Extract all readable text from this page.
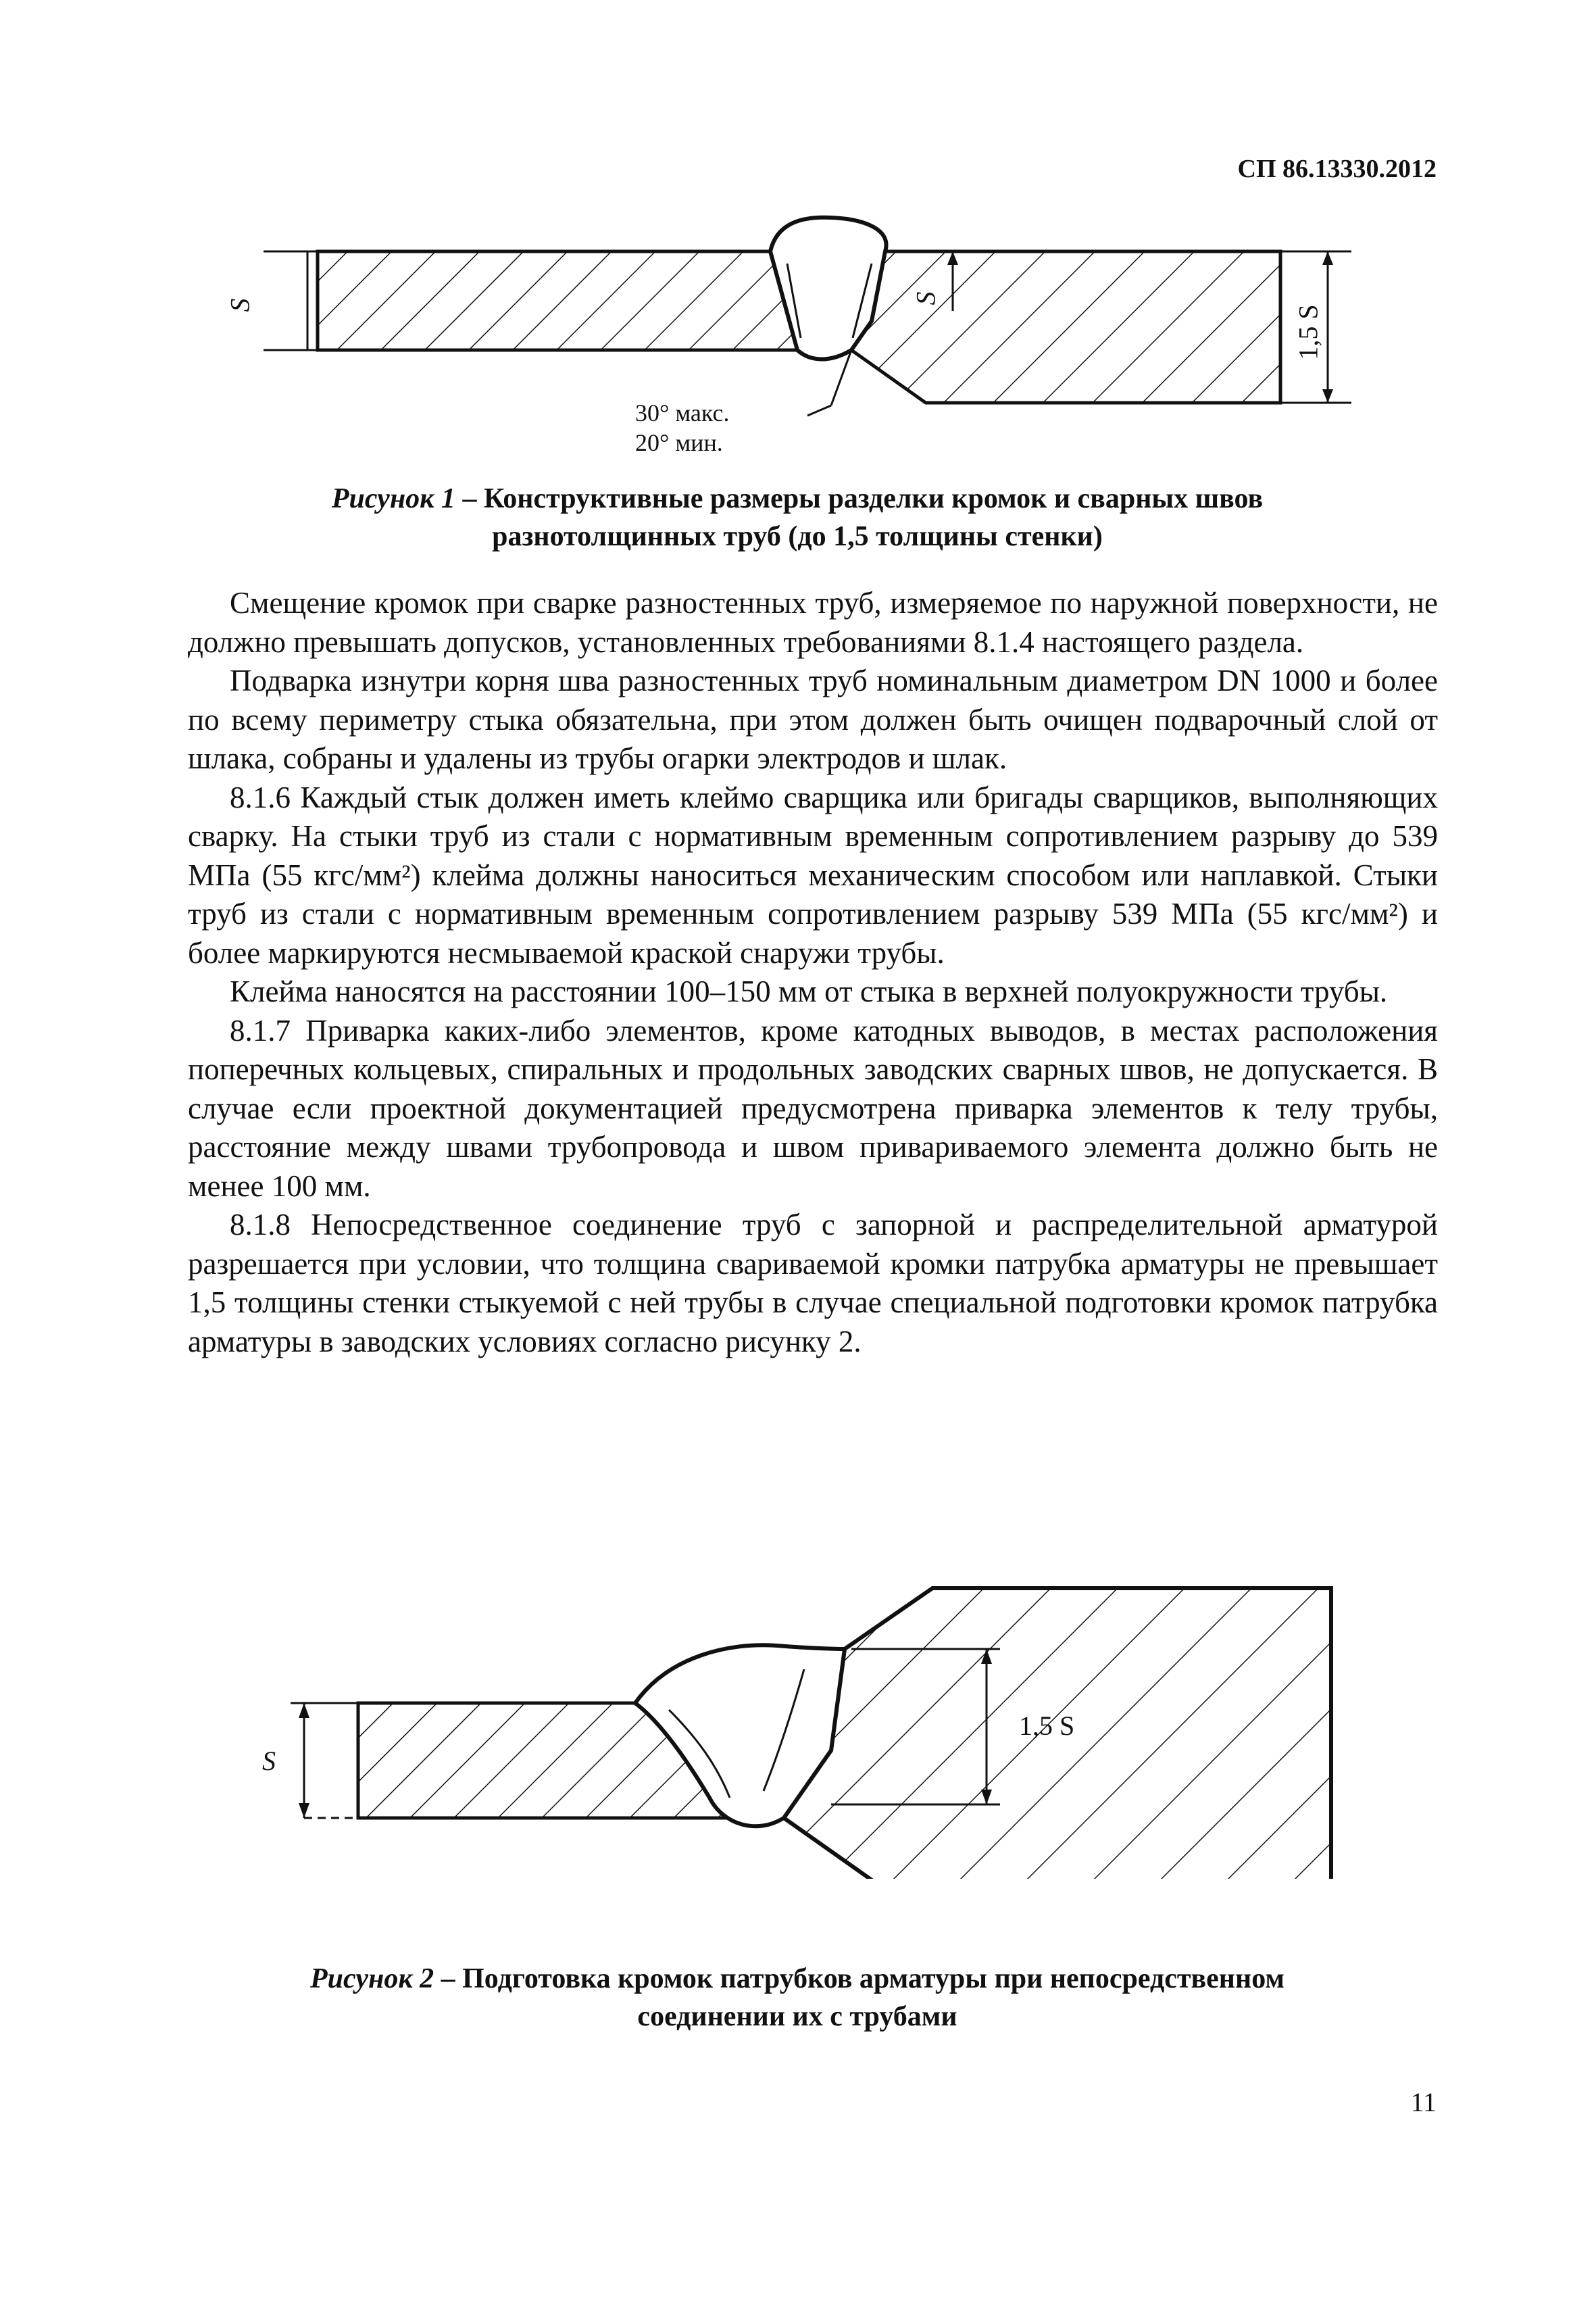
СП 86.13330.2012
S	S
1,5 S
30° макс.
20° мин.
Рисунок 1 – Конструктивные размеры разделки кромок и сварных швов
разнотолщинных труб (до 1,5 толщины стенки)

Смещение кромок при сварке разностенных труб, измеряемое по наружной поверхности, не должно превышать допусков, установленных требованиями 8.1.4 настоящего раздела.

Подварка изнутри корня шва разностенных труб номинальным диаметром DN 1000 и более по всему периметру стыка обязательна, при этом должен быть очищен подварочный слой от шлака, собраны и удалены из трубы огарки электродов и шлак.

8.1.6 Каждый стык должен иметь клеймо сварщика или бригады сварщиков, выполняющих сварку. На стыки труб из стали с нормативным временным сопротивлением разрыву до 539 МПа (55 кгс/мм²) клейма должны наноситься механическим способом или наплавкой. Стыки труб из стали с нормативным временным сопротивлением разрыву 539 МПа (55 кгс/мм²) и более маркируются несмываемой краской снаружи трубы.

Клейма наносятся на расстоянии 100–150 мм от стыка в верхней полуокружности трубы.

8.1.7 Приварка каких-либо элементов, кроме катодных выводов, в местах расположения поперечных кольцевых, спиральных и продольных заводских сварных швов, не допускается. В случае если проектной документацией предусмотрена приварка элементов к телу трубы, расстояние между швами трубопровода и швом привариваемого элемента должно быть не менее 100 мм.

8.1.8 Непосредственное соединение труб с запорной и распределительной арматурой разрешается при условии, что толщина свариваемой кромки патрубка арматуры не превышает 1,5 толщины стенки стыкуемой с ней трубы в случае специальной подготовки кромок патрубка арматуры в заводских условиях согласно рисунку 2.

S
1,5 S
Рисунок 2 – Подготовка кромок патрубков арматуры при непосредственном
соединении их с трубами
11
